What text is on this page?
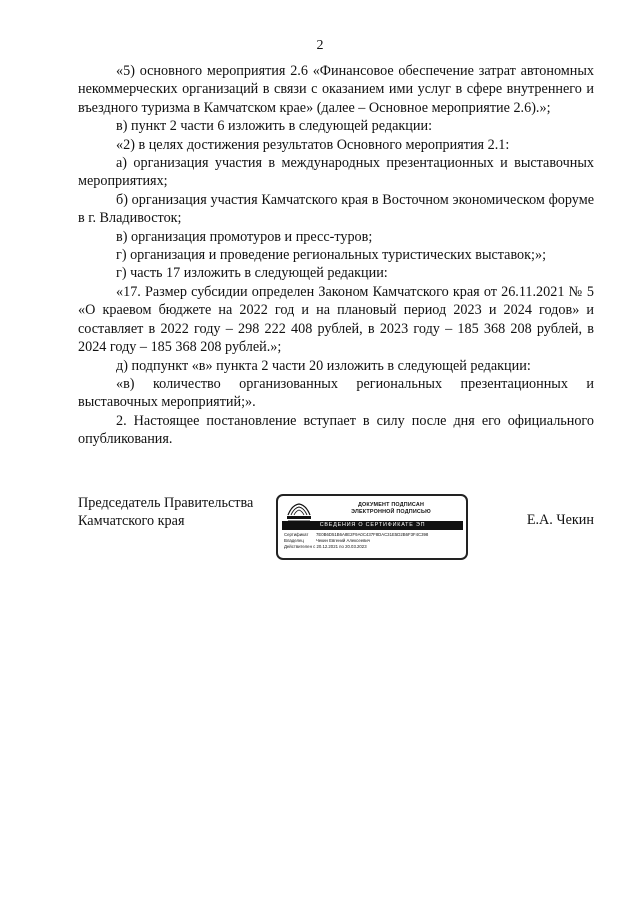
2

«5) основного мероприятия 2.6 «Финансовое обеспечение затрат автономных некоммерческих организаций в связи с оказанием ими услуг в сфере внутреннего и въездного туризма в Камчатском крае» (далее – Основное мероприятие 2.6).»;

в) пункт 2 части 6 изложить в следующей редакции:

«2) в целях достижения результатов Основного мероприятия 2.1:

а) организация участия в международных презентационных и выставочных мероприятиях;

б) организация участия Камчатского края в Восточном экономическом форуме в г. Владивосток;

в) организация промотуров и пресс-туров;

г) организация и проведение региональных туристических выставок;»;

г) часть 17 изложить в следующей редакции:

«17. Размер субсидии определен Законом Камчатского края от 26.11.2021 № 5 «О краевом бюджете на 2022 год и на плановый период 2023 и 2024 годов» и составляет в 2022 году – 298 222 408 рублей, в 2023 году – 185 368 208 рублей, в 2024 году – 185 368 208 рублей.»;

д) подпункт «в» пункта 2 части 20 изложить в следующей редакции:

«в) количество организованных региональных презентационных и выставочных мероприятий;».

2. Настоящее постановление вступает в силу после дня его официального опубликования.

Председатель Правительства
Камчатского края
ДОКУМЕНТ ПОДПИСАН
ЭЛЕКТРОННОЙ ПОДПИСЬЮ
СВЕДЕНИЯ О СЕРТИФИКАТЕ ЭП
Сертификат 7E0B6D51B6A8E2F9A0C437F8DAC31E5D2B6F3F4C398
Владелец	Чекин Евгений Алексеевич
Действителен с 20.12.2021 по 20.03.2023
Е.А. Чекин
